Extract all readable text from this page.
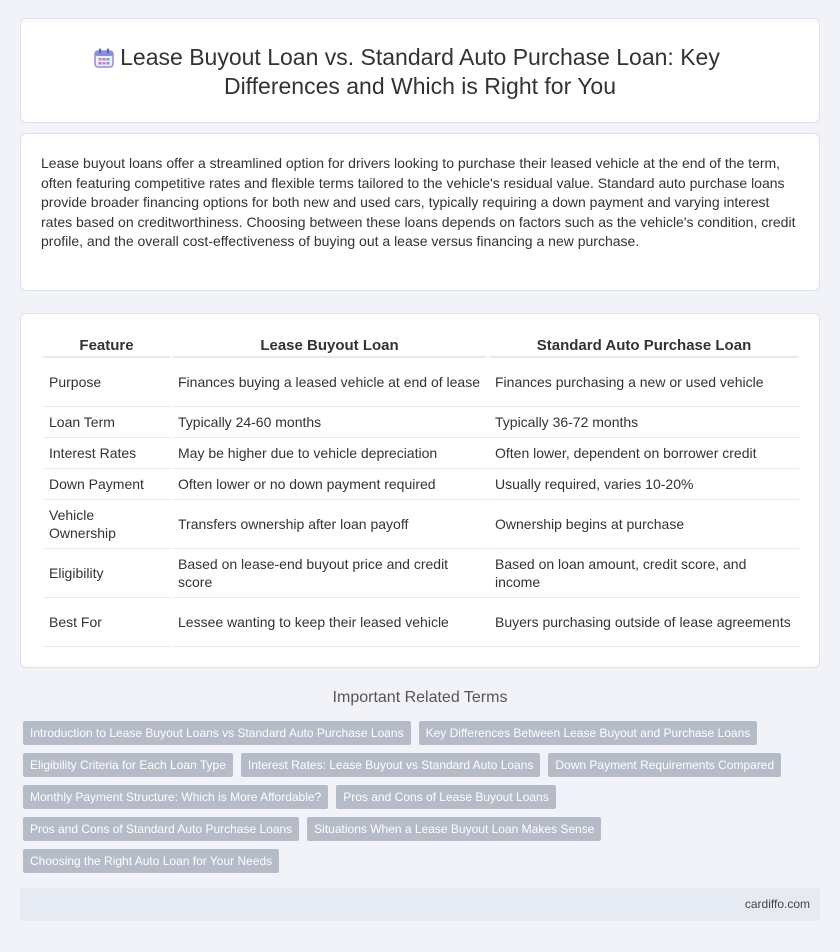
Lease Buyout Loan vs. Standard Auto Purchase Loan: Key Differences and Which is Right for You

Lease buyout loans offer a streamlined option for drivers looking to purchase their leased vehicle at the end of the term, often featuring competitive rates and flexible terms tailored to the vehicle's residual value. Standard auto purchase loans provide broader financing options for both new and used cars, typically requiring a down payment and varying interest rates based on creditworthiness. Choosing between these loans depends on factors such as the vehicle's condition, credit profile, and the overall cost-effectiveness of buying out a lease versus financing a new purchase.

Feature		Lease Buyout Loan		Standard Auto Purchase Loan
Purpose		Finances buying a leased vehicle at end of lease		Finances purchasing a new or used vehicle
Loan Term		Typically 24-60 months		Typically 36-72 months
Interest Rates		May be higher due to vehicle depreciation		Often lower, dependent on borrower credit
Down Payment		Often lower or no down payment required		Usually required, varies 10-20%
Vehicle Ownership		Transfers ownership after loan payoff		Ownership begins at purchase
Eligibility		Based on lease-end buyout price and credit score		Based on loan amount, credit score, and income
Best For		Lessee wanting to keep their leased vehicle		Buyers purchasing outside of lease agreements
Important Related Terms
Introduction to Lease Buyout Loans vs Standard Auto Purchase Loans	Key Differences Between Lease Buyout and Purchase Loans
Eligibility Criteria for Each Loan Type	Interest Rates: Lease Buyout vs Standard Auto Loans	Down Payment Requirements Compared
Monthly Payment Structure: Which is More Affordable?	Pros and Cons of Lease Buyout Loans
Pros and Cons of Standard Auto Purchase Loans	Situations When a Lease Buyout Loan Makes Sense
Choosing the Right Auto Loan for Your Needs
cardiffo.com
